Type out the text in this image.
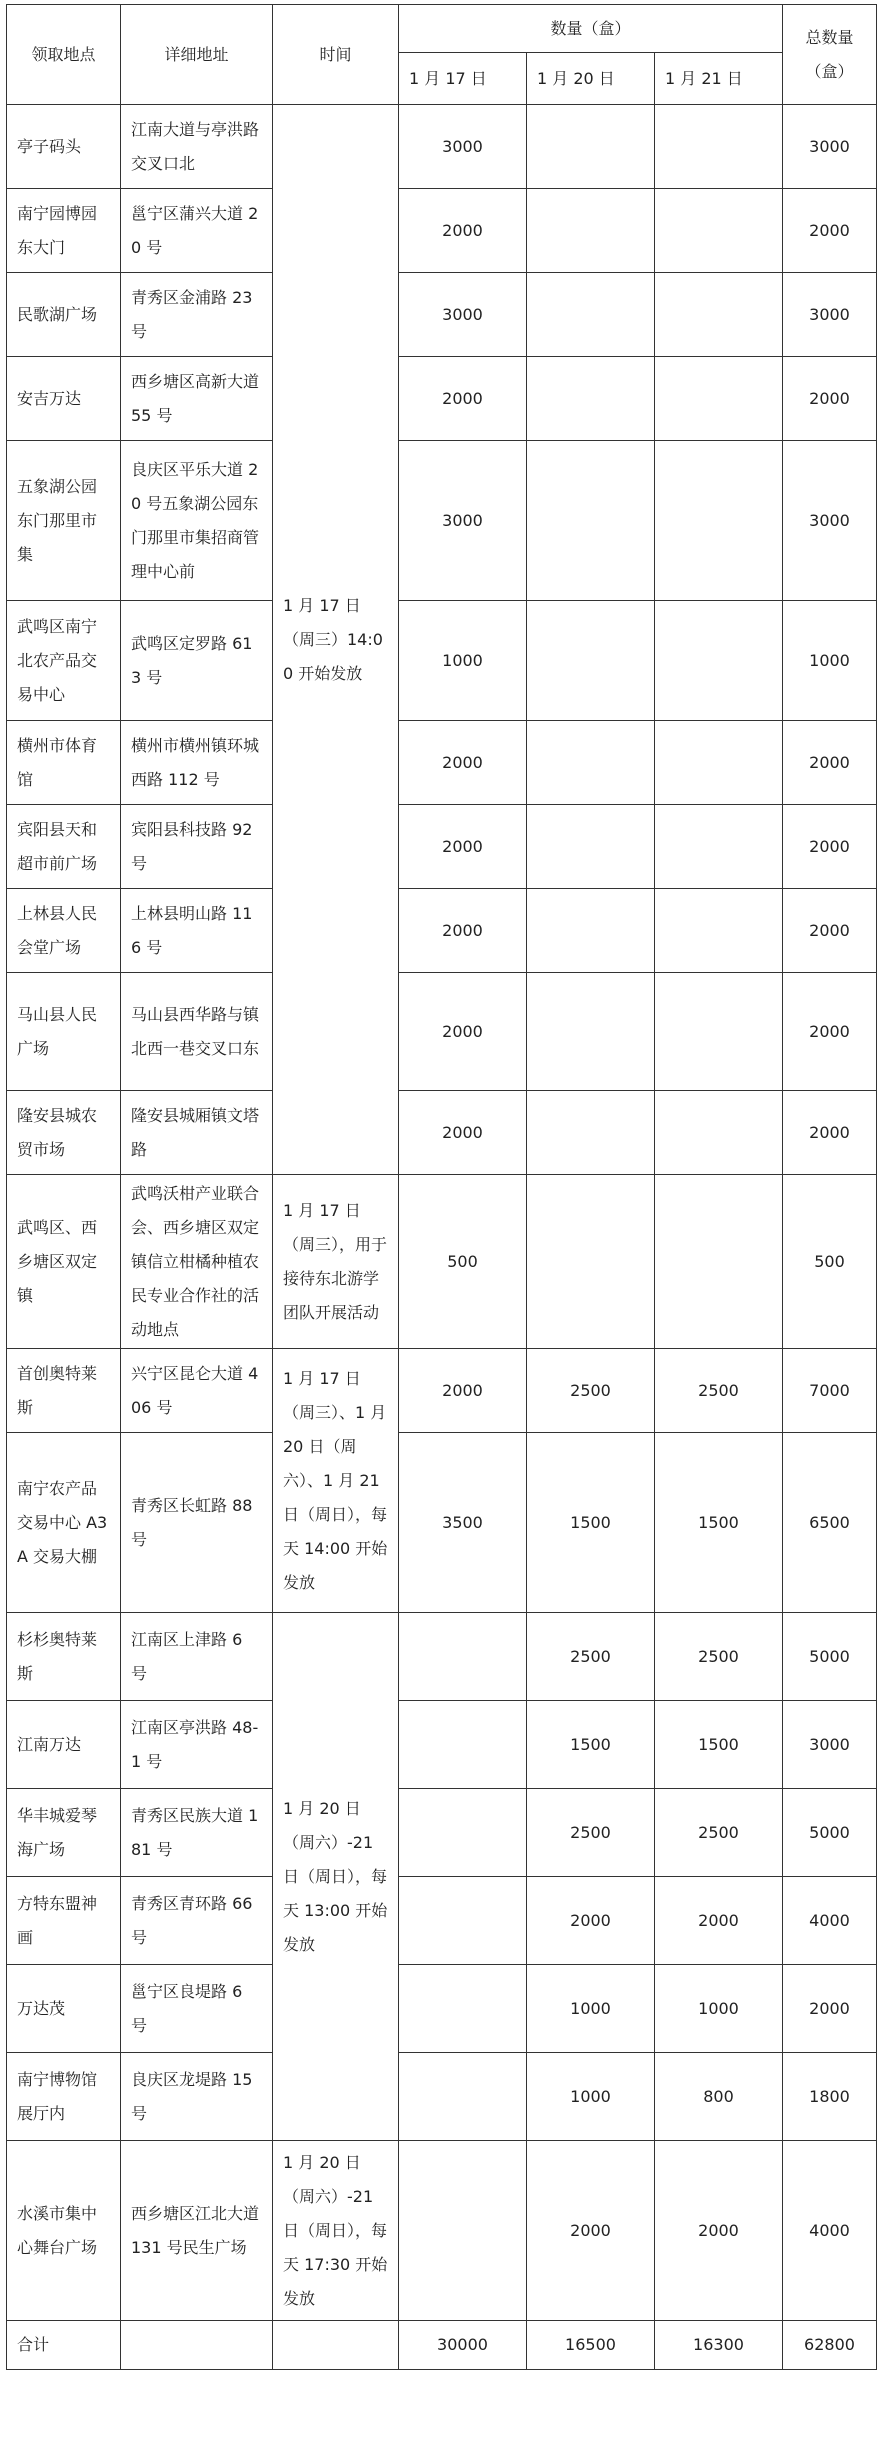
领取地点	详细地址	时间	数量（盒）			总数量
（盒）

			1 月 17 日	1 月 20 日	1 月 21 日	
亭子码头	江南大道与亭洪路交叉口北	1 月 17 日（周三）14:00 开始发放	3000			3000
南宁园博园东大门	邕宁区蒲兴大道 20 号		2000			2000
民歌湖广场	青秀区金浦路 23 号		3000			3000
安吉万达	西乡塘区高新大道 55 号		2000			2000
五象湖公园东门那里市集	良庆区平乐大道 20 号五象湖公园东门那里市集招商管理中心前		3000			3000
武鸣区南宁北农产品交易中心	武鸣区定罗路 613 号		1000			1000
横州市体育馆	横州市横州镇环城西路 112 号		2000			2000
宾阳县天和超市前广场	宾阳县科技路 92 号		2000			2000
上林县人民会堂广场	上林县明山路 116 号		2000			2000
马山县人民广场	马山县西华路与镇北西一巷交叉口东		2000			2000
隆安县城农贸市场	隆安县城厢镇文塔路		2000			2000
武鸣区、西乡塘区双定镇	武鸣沃柑产业联合会、西乡塘区双定镇信立柑橘种植农民专业合作社的活动地点	1 月 17 日（周三），用于接待东北游学团队开展活动	500			500
首创奥特莱斯	兴宁区昆仑大道 406 号	1 月 17 日（周三）、1 月 20 日（周六）、1 月 21 日（周日），每天 14:00 开始发放	2000	2500	2500	7000
南宁农产品交易中心 A3A 交易大棚	青秀区长虹路 88 号		3500	1500	1500	6500
杉杉奥特莱斯	江南区上津路 6 号	1 月 20 日（周六）-21 日（周日），每天 13:00 开始发放		2500	2500	5000
江南万达	江南区亭洪路 48-1 号			1500	1500	3000
华丰城爱琴海广场	青秀区民族大道 181 号			2500	2500	5000
方特东盟神画	青秀区青环路 66 号			2000	2000	4000
万达茂	邕宁区良堤路 6 号			1000	1000	2000
南宁博物馆展厅内	良庆区龙堤路 15 号			1000	800	1800
水溪市集中心舞台广场	西乡塘区江北大道 131 号民生广场	1 月 20 日（周六）-21 日（周日），每天 17:30 开始发放		2000	2000	4000
合计			30000	16500	16300	62800
